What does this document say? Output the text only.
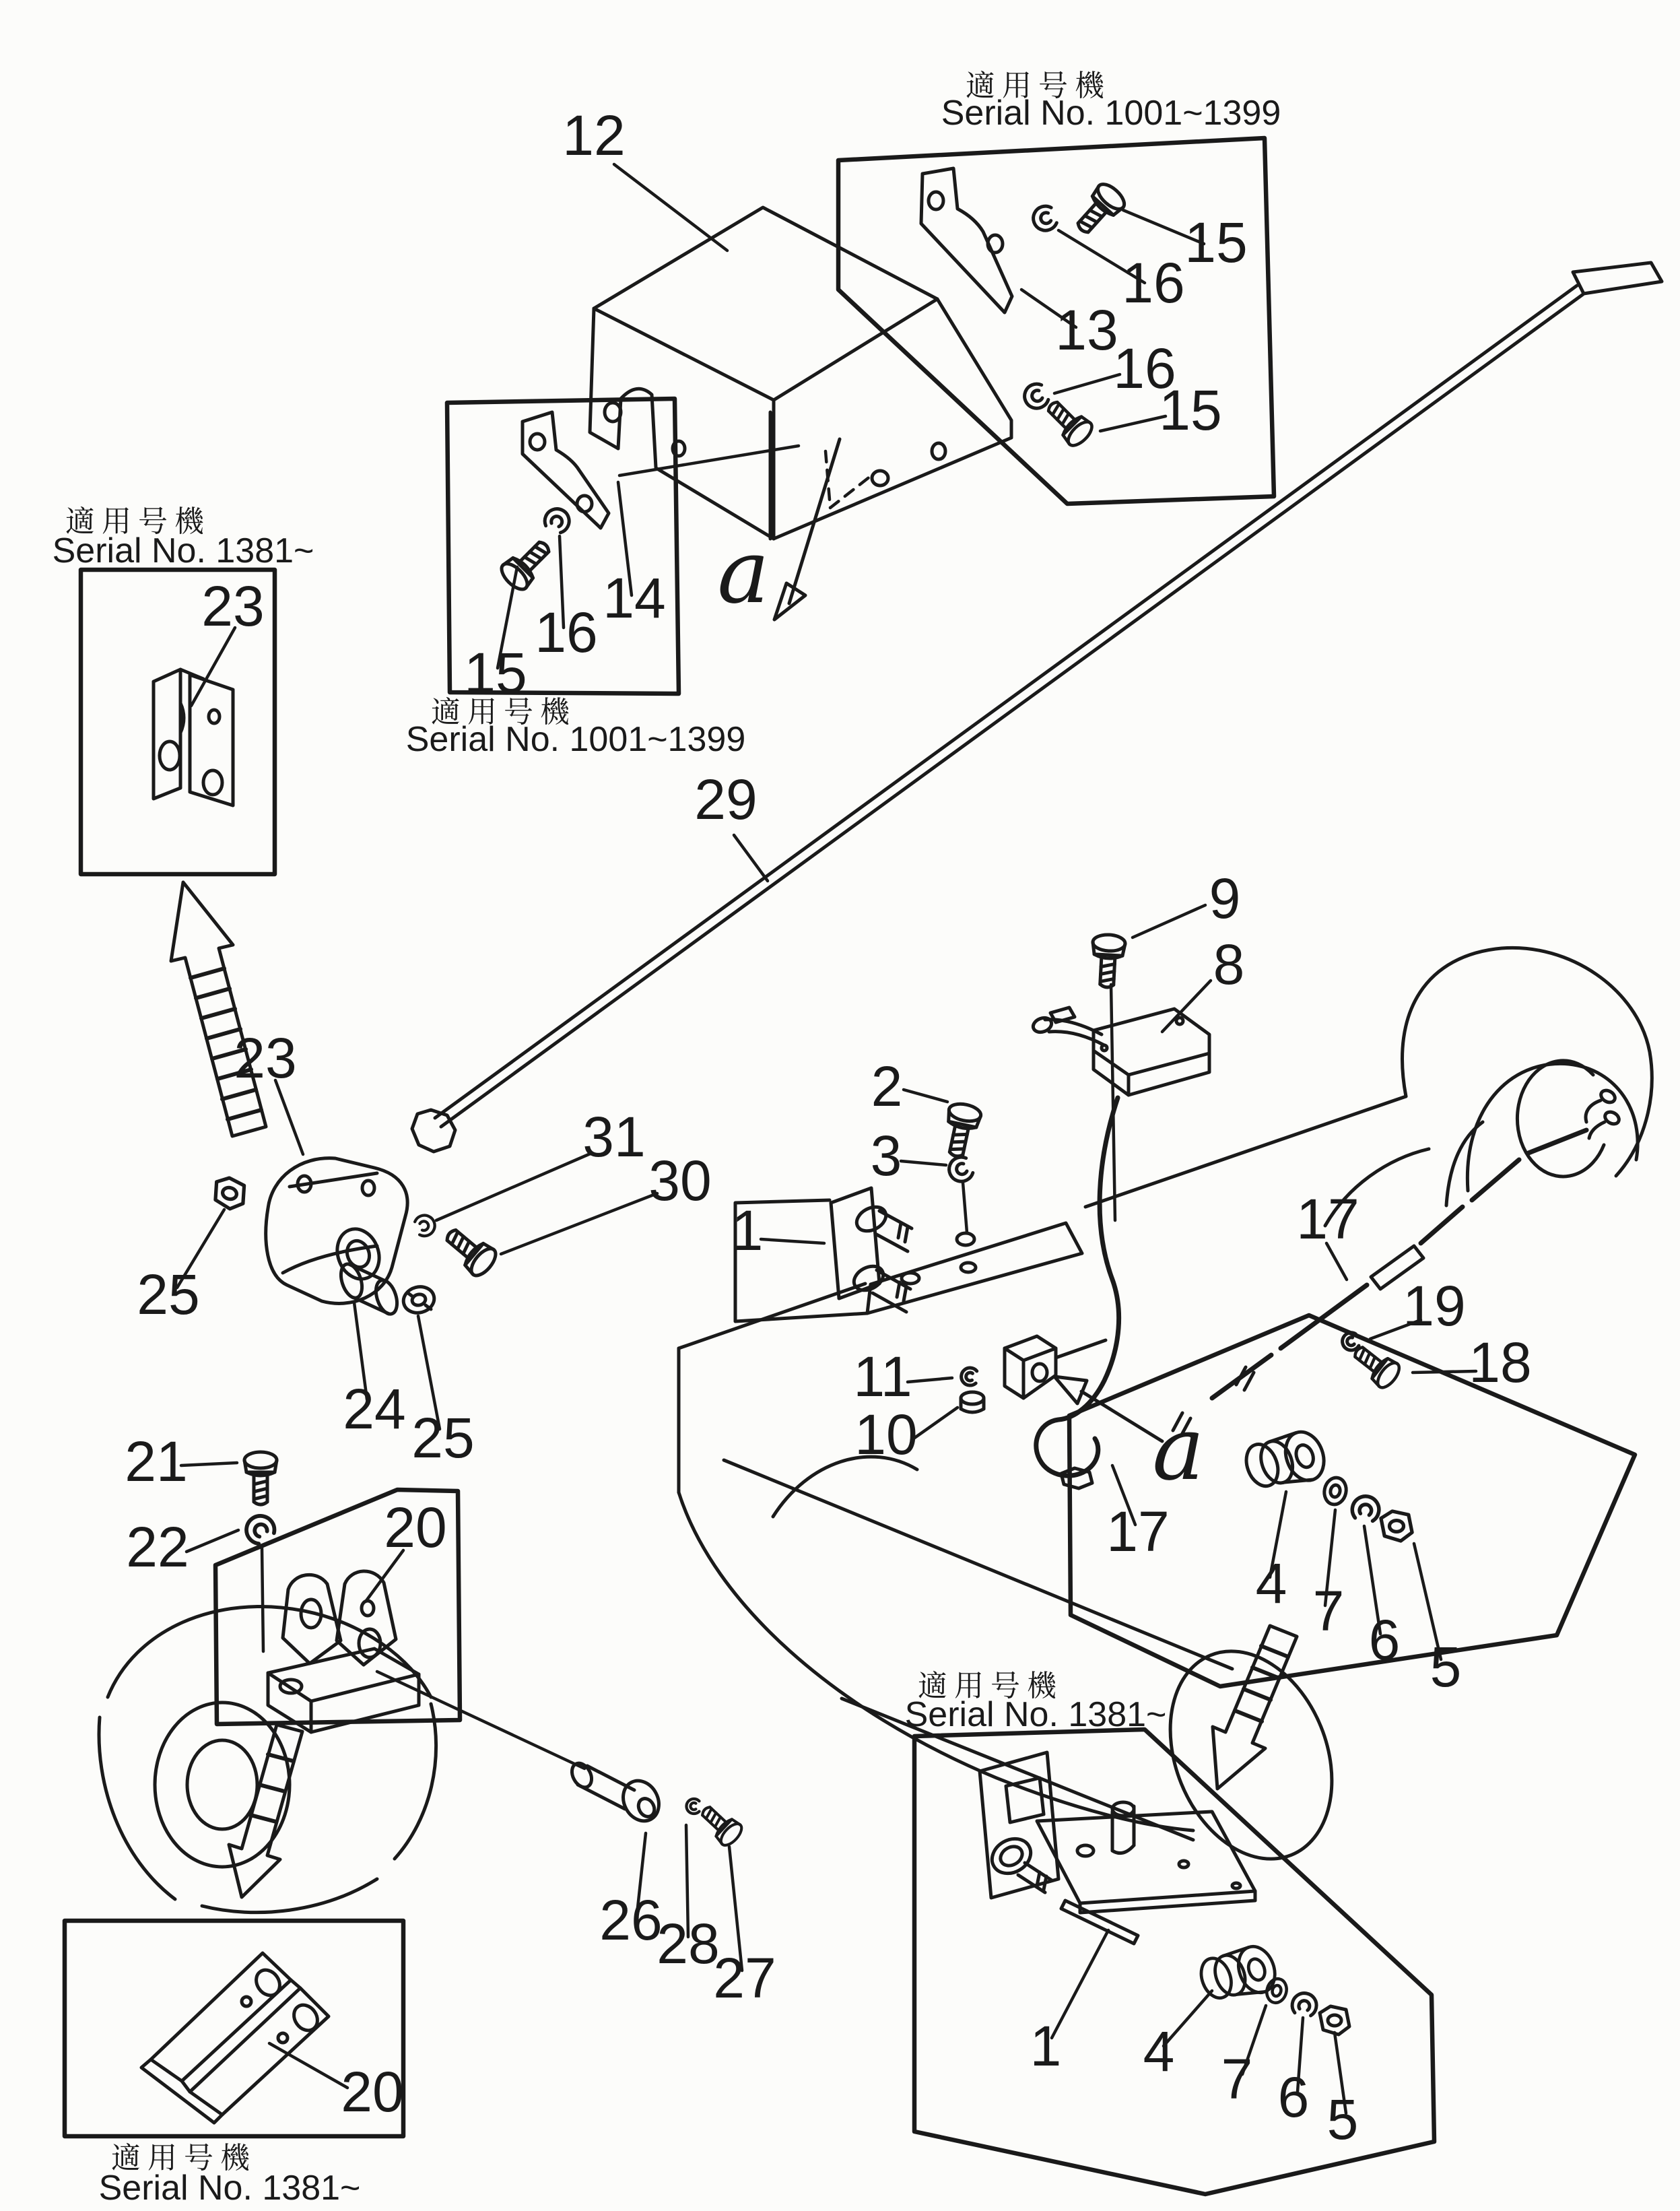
12
適用号機
Serial No. 1001~1399
15
16
13
16
15
14
16
15
適用号機
Serial No. 1001~1399
適用号機
Serial No. 1381~
23	a
29
23
31
30
25
24 25
21
22	20
2
3
1
9
8
17
19
18
11
10	a
17
4 7 6 5
26
28
27
適用号機
Serial No. 1381~
1 4 7 6 5
20
適用号機
Serial No. 1381~
